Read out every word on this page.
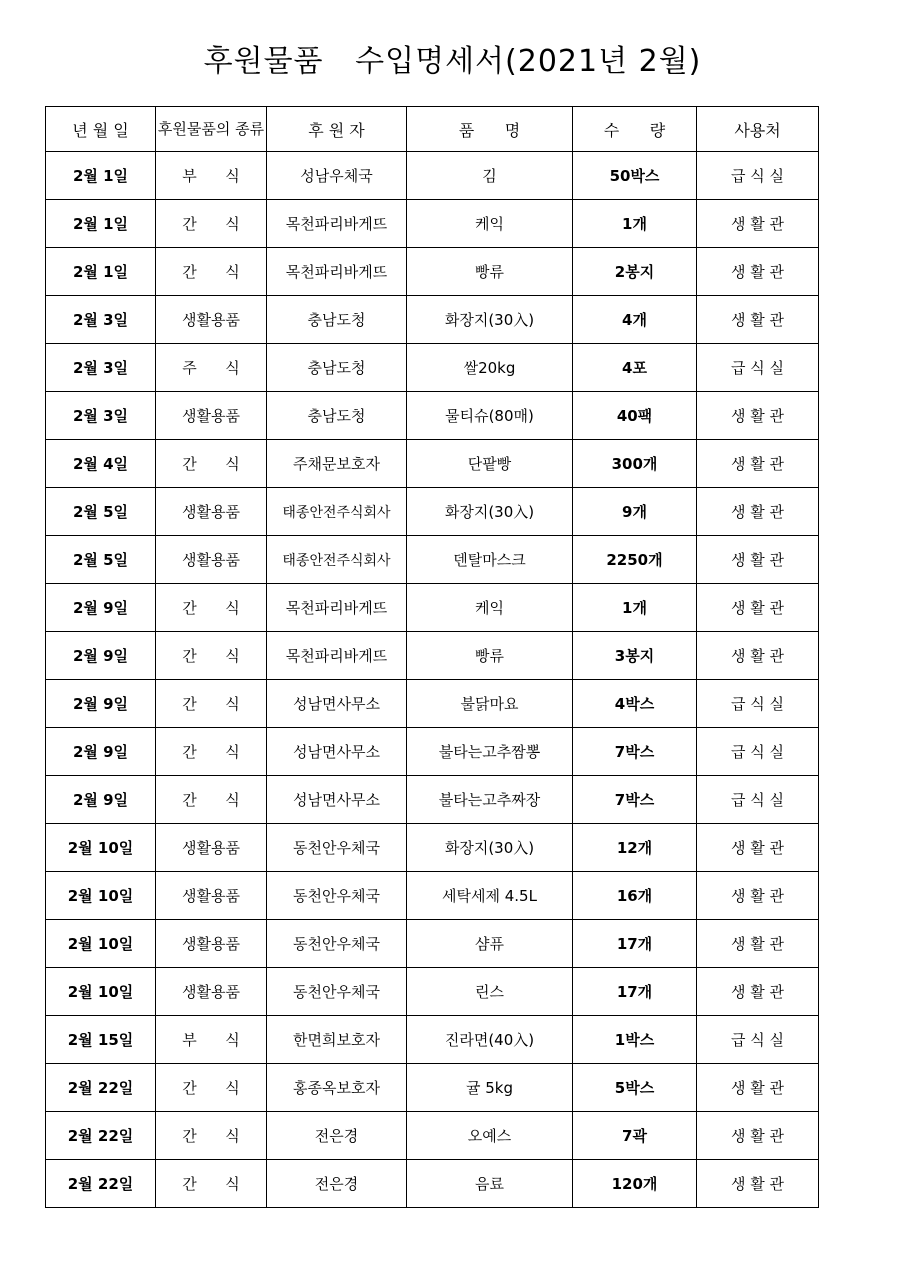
후원물품   수입명세서(2021년 2월)
년 월 일	후원물품의 종류	후 원 자	품      명	수      량	사용처
2월 1일	부      식	성남우체국	김	50박스	급 식 실
2월 1일	간      식	목천파리바게뜨	케익	1개	생 활 관
2월 1일	간      식	목천파리바게뜨	빵류	2봉지	생 활 관
2월 3일	생활용품	충남도청	화장지(30入)	4개	생 활 관
2월 3일	주      식	충남도청	쌀20kg	4포	급 식 실
2월 3일	생활용품	충남도청	물티슈(80매)	40팩	생 활 관
2월 4일	간      식	주채문보호자	단팥빵	300개	생 활 관
2월 5일	생활용품	태종안전주식회사	화장지(30入)	9개	생 활 관
2월 5일	생활용품	태종안전주식회사	덴탈마스크	2250개	생 활 관
2월 9일	간      식	목천파리바게뜨	케익	1개	생 활 관
2월 9일	간      식	목천파리바게뜨	빵류	3봉지	생 활 관
2월 9일	간      식	성남면사무소	불닭마요	4박스	급 식 실
2월 9일	간      식	성남면사무소	불타는고추짬뽕	7박스	급 식 실
2월 9일	간      식	성남면사무소	불타는고추짜장	7박스	급 식 실
2월 10일	생활용품	동천안우체국	화장지(30入)	12개	생 활 관
2월 10일	생활용품	동천안우체국	세탁세제 4.5L	16개	생 활 관
2월 10일	생활용품	동천안우체국	샴퓨	17개	생 활 관
2월 10일	생활용품	동천안우체국	린스	17개	생 활 관
2월 15일	부      식	한면희보호자	진라면(40入)	1박스	급 식 실
2월 22일	간      식	홍종옥보호자	귤 5kg	5박스	생 활 관
2월 22일	간      식	전은경	오예스	7곽	생 활 관
2월 22일	간      식	전은경	음료	120개	생 활 관
